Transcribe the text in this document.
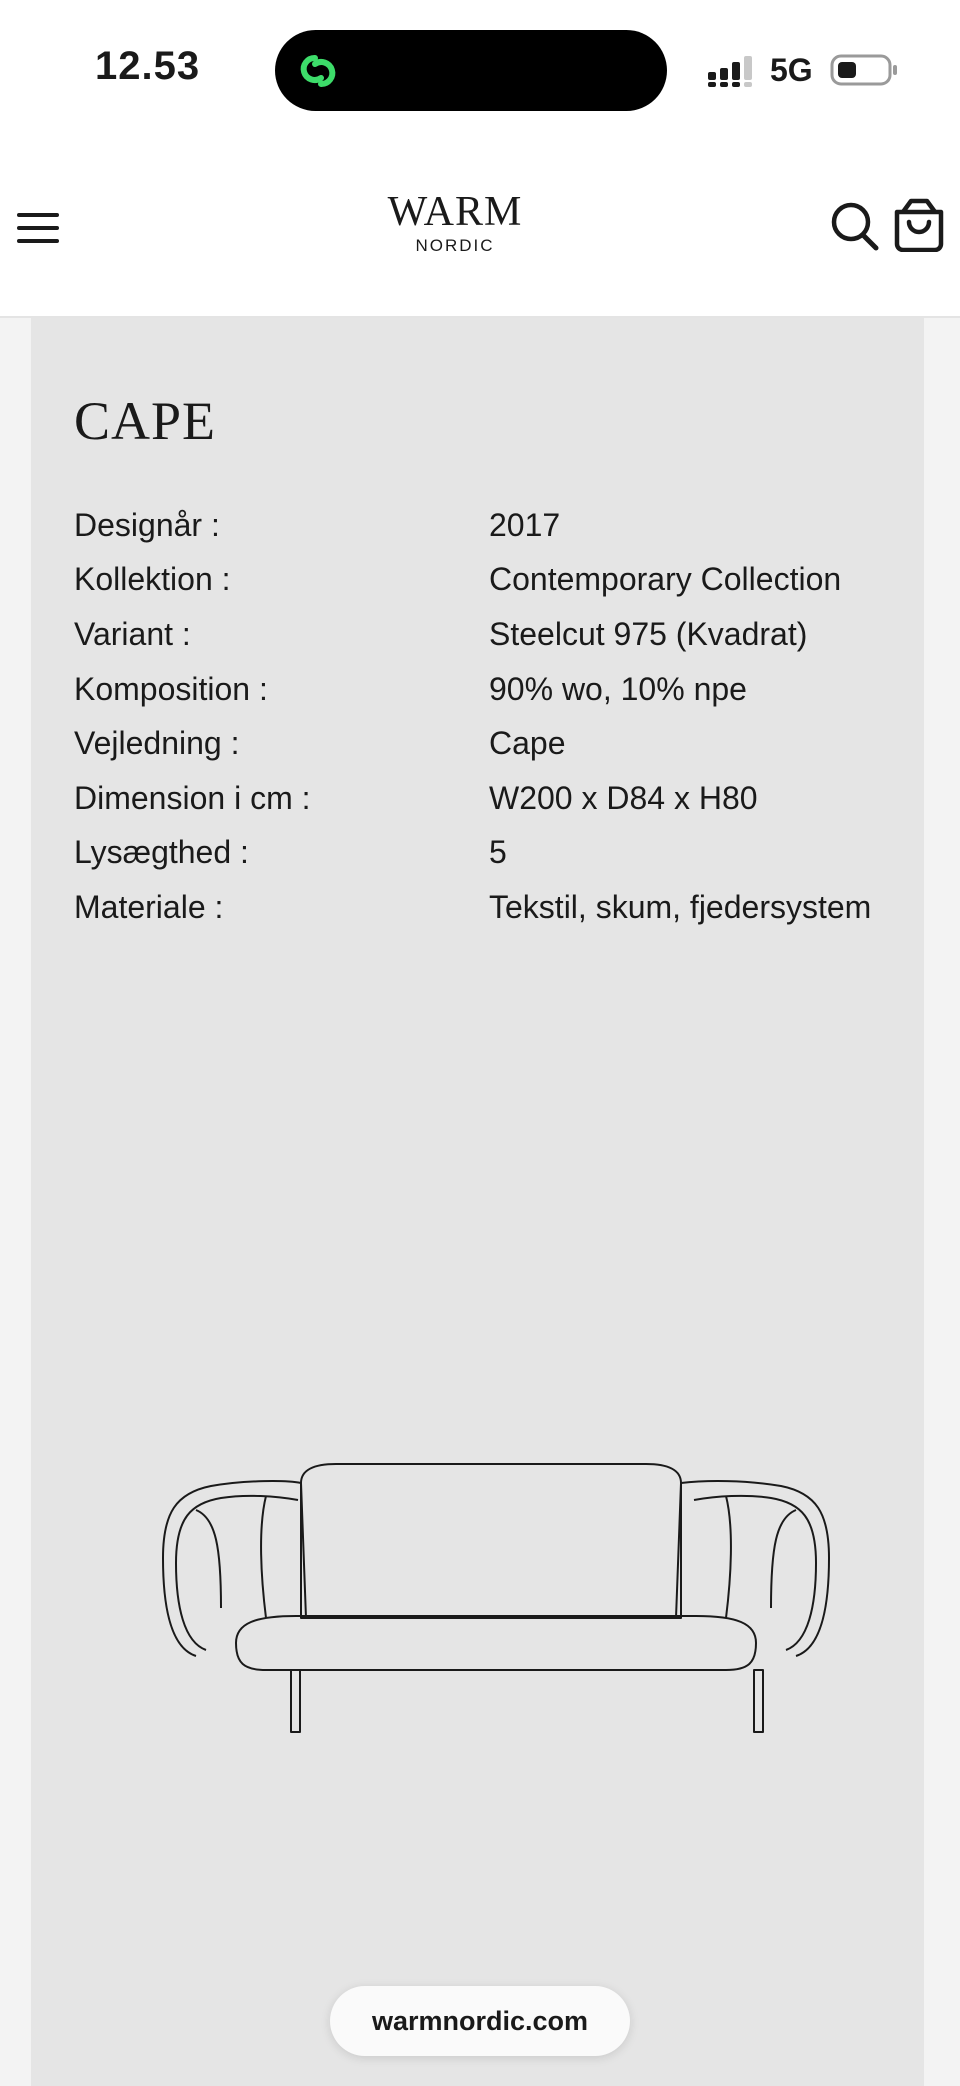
12.53	5G
WARM
NORDIC
CAPE
Designår :	2017
Kollektion :	Contemporary Collection
Variant :	Steelcut 975 (Kvadrat)
Komposition :	90% wo, 10% npe
Vejledning :	Cape
Dimension i cm :	W200 x D84 x H80
Lysægthed :	5
Materiale :	Tekstil, skum, fjedersystem
warmnordic.com
